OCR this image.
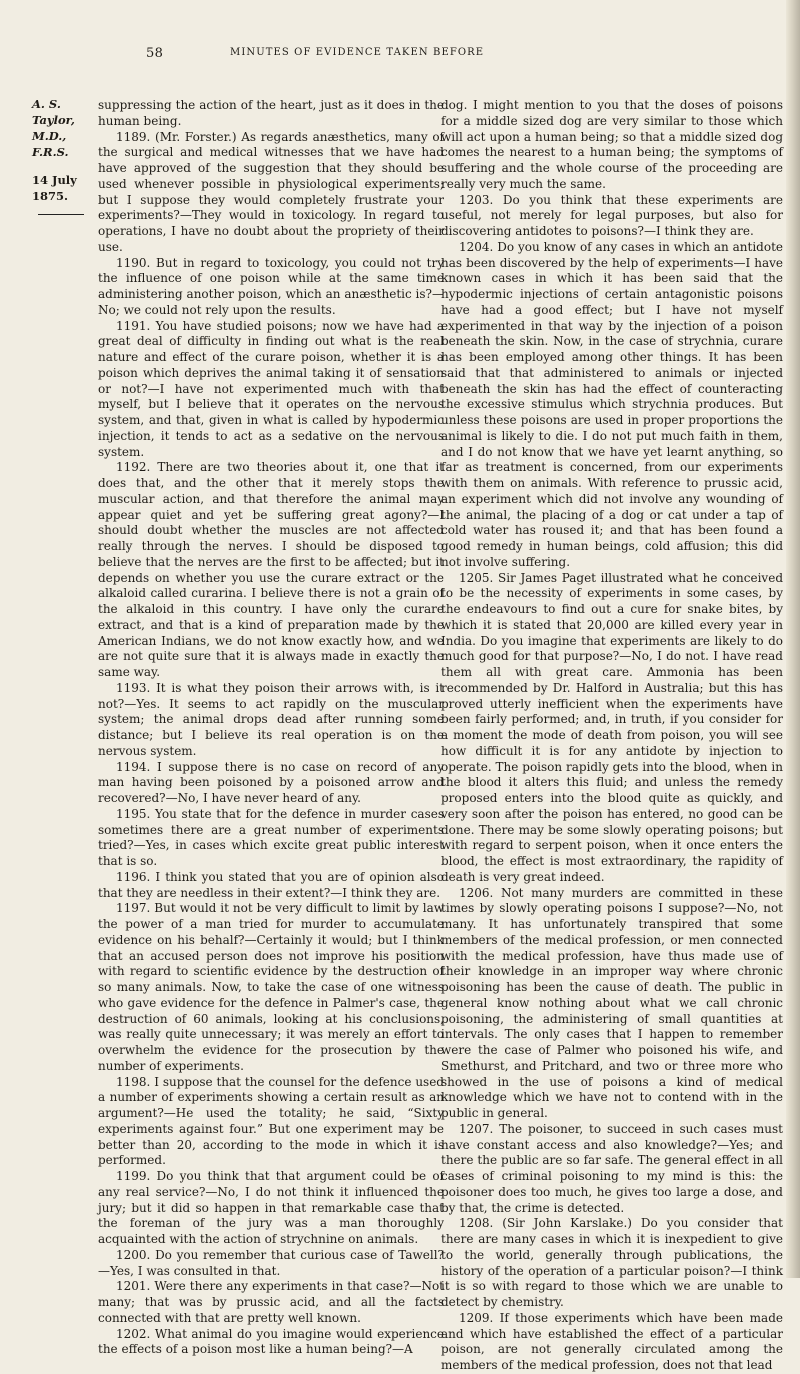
58	MINUTES OF EVIDENCE TAKEN BEFORE
A. S. Taylor, M.D., F.R.S.
14 July 1875.

suppressing the action of the heart, just as it does in the human being.

1189. (Mr. Forster.) As regards anæsthetics, many of the surgical and medical witnesses that we have had have approved of the suggestion that they should be used whenever possible in physiological experiments; but I suppose they would completely frustrate your experiments?—They would in toxicology. In regard to operations, I have no doubt about the propriety of their use.

1190. But in regard to toxicology, you could not try the influence of one poison while at the same time administering another poison, which an anæsthetic is?—No; we could not rely upon the results.

1191. You have studied poisons; now we have had a great deal of difficulty in finding out what is the real nature and effect of the curare poison, whether it is a poison which deprives the animal taking it of sensation or not?—I have not experimented much with that myself, but I believe that it operates on the nervous system, and that, given in what is called by hypodermic injection, it tends to act as a sedative on the nervous system.

1192. There are two theories about it, one that it does that, and the other that it merely stops the muscular action, and that therefore the animal may appear quiet and yet be suffering great agony?—I should doubt whether the muscles are not affected really through the nerves. I should be disposed to believe that the nerves are the first to be affected; but it depends on whether you use the curare extract or the alkaloid called curarina. I believe there is not a grain of the alkaloid in this country. I have only the curare extract, and that is a kind of preparation made by the American Indians, we do not know exactly how, and we are not quite sure that it is always made in exactly the same way.

1193. It is what they poison their arrows with, is it not?—Yes. It seems to act rapidly on the muscular system; the animal drops dead after running some distance; but I believe its real operation is on the nervous system.

1194. I suppose there is no case on record of any man having been poisoned by a poisoned arrow and recovered?—No, I have never heard of any.

1195. You state that for the defence in murder cases sometimes there are a great number of experiments tried?—Yes, in cases which excite great public interest that is so.

1196. I think you stated that you are of opinion also that they are needless in their extent?—I think they are.

1197. But would it not be very difficult to limit by law the power of a man tried for murder to accumulate evidence on his behalf?—Certainly it would; but I think that an accused person does not improve his position with regard to scientific evidence by the destruction of so many animals. Now, to take the case of one witness who gave evidence for the defence in Palmer's case, the destruction of 60 animals, looking at his conclusions, was really quite unnecessary; it was merely an effort to overwhelm the evidence for the prosecution by the number of experiments.

1198. I suppose that the counsel for the defence used a number of experiments showing a certain result as an argument?—He used the totality; he said, “Sixty experiments against four.” But one experiment may be better than 20, according to the mode in which it is performed.

1199. Do you think that that argument could be of any real service?—No, I do not think it influenced the jury; but it did so happen in that remarkable case that the foreman of the jury was a man thoroughly acquainted with the action of strychnine on animals.

1200. Do you remember that curious case of Tawell?—Yes, I was consulted in that.

1201. Were there any experiments in that case?—Not many; that was by prussic acid, and all the facts connected with that are pretty well known.

1202. What animal do you imagine would experience the effects of a poison most like a human being?—A

dog. I might mention to you that the doses of poisons for a middle sized dog are very similar to those which will act upon a human being; so that a middle sized dog comes the nearest to a human being; the symptoms of suffering and the whole course of the proceeding are really very much the same.

1203. Do you think that these experiments are useful, not merely for legal purposes, but also for discovering antidotes to poisons?—I think they are.

1204. Do you know of any cases in which an antidote has been discovered by the help of experiments—I have known cases in which it has been said that the hypodermic injections of certain antagonistic poisons have had a good effect; but I have not myself experimented in that way by the injection of a poison beneath the skin. Now, in the case of strychnia, curare has been employed among other things. It has been said that that administered to animals or injected beneath the skin has had the effect of counteracting the excessive stimulus which strychnia produces. But unless these poisons are used in proper proportions the animal is likely to die. I do not put much faith in them, and I do not know that we have yet learnt anything, so far as treatment is concerned, from our experiments with them on animals. With reference to prussic acid, an experiment which did not involve any wounding of the animal, the placing of a dog or cat under a tap of cold water has roused it; and that has been found a good remedy in human beings, cold affusion; this did not involve suffering.

1205. Sir James Paget illustrated what he conceived to be the necessity of experiments in some cases, by the endeavours to find out a cure for snake bites, by which it is stated that 20,000 are killed every year in India. Do you imagine that experiments are likely to do much good for that purpose?—No, I do not. I have read them all with great care. Ammonia has been recommended by Dr. Halford in Australia; but this has proved utterly inefficient when the experiments have been fairly performed; and, in truth, if you consider for a moment the mode of death from poison, you will see how difficult it is for any antidote by injection to operate. The poison rapidly gets into the blood, when in the blood it alters this fluid; and unless the remedy proposed enters into the blood quite as quickly, and very soon after the poison has entered, no good can be done. There may be some slowly operating poisons; but with regard to serpent poison, when it once enters the blood, the effect is most extraordinary, the rapidity of death is very great indeed.

1206. Not many murders are committed in these times by slowly operating poisons I suppose?—No, not many. It has unfortunately transpired that some members of the medical profession, or men connected with the medical profession, have thus made use of their knowledge in an improper way where chronic poisoning has been the cause of death. The public in general know nothing about what we call chronic poisoning, the administering of small quantities at intervals. The only cases that I happen to remember were the case of Palmer who poisoned his wife, and Smethurst, and Pritchard, and two or three more who showed in the use of poisons a kind of medical knowledge which we have not to contend with in the public in general.

1207. The poisoner, to succeed in such cases must have constant access and also knowledge?—Yes; and there the public are so far safe. The general effect in all cases of criminal poisoning to my mind is this: the poisoner does too much, he gives too large a dose, and by that, the crime is detected.

1208. (Sir John Karslake.) Do you consider that there are many cases in which it is inexpedient to give to the world, generally through publications, the history of the operation of a particular poison?—I think it is so with regard to those which we are unable to detect by chemistry.

1209. If those experiments which have been made and which have established the effect of a particular poison, are not generally circulated among the members of the medical profession, does not that lead
